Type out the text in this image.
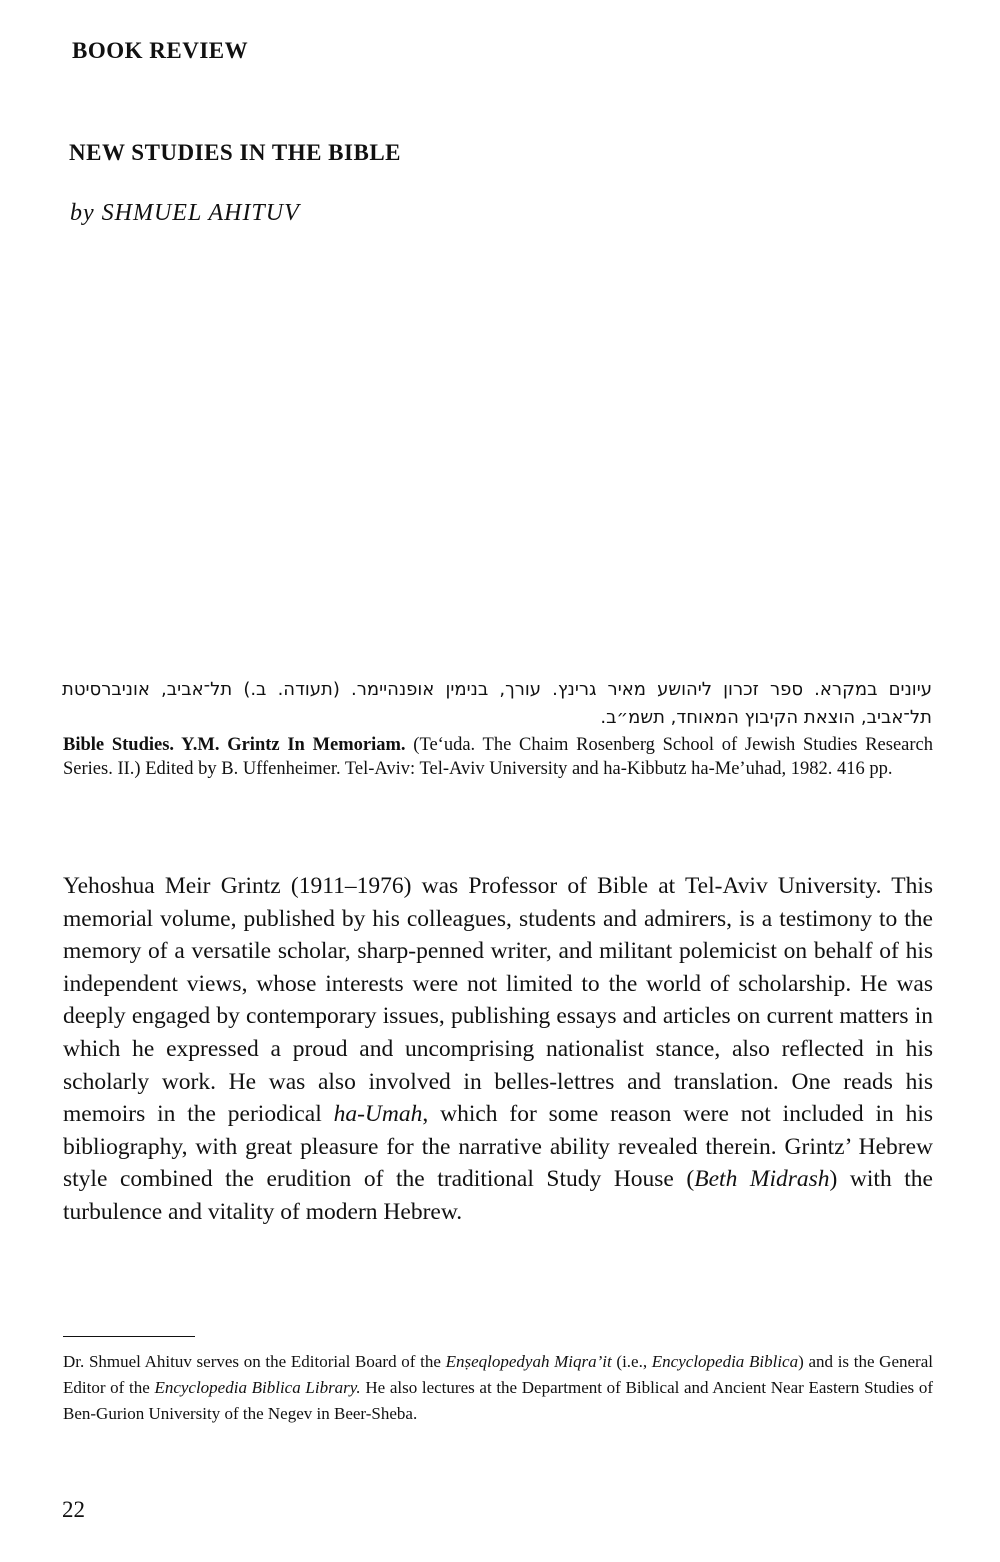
BOOK REVIEW
NEW STUDIES IN THE BIBLE
by SHMUEL AHITUV
עיונים במקרא. ספר זכרון ליהושע מאיר גרינץ. עורך, בנימין אופנהיימר. (תעודה. ב.) תל־אביב, אוניברסיטת
תל־אביב, הוצאת הקיבוץ המאוחד, תשמ״ב.
Bible Studies. Y.M. Grintz In Memoriam. (Te‘uda. The Chaim Rosenberg School of Jewish Studies Research Series. II.) Edited by B. Uffenheimer. Tel-Aviv: Tel-Aviv University and ha-Kibbutz ha-Me’uhad, 1982. 416 pp.
Yehoshua Meir Grintz (1911–1976) was Professor of Bible at Tel-Aviv University. This memorial volume, published by his colleagues, students and admirers, is a testimony to the memory of a versatile scholar, sharp-penned writer, and militant polemicist on behalf of his independent views, whose interests were not limited to the world of scholarship. He was deeply engaged by contemporary issues, publishing essays and articles on current matters in which he expressed a proud and uncomprising nationalist stance, also reflected in his scholarly work. He was also involved in belles-lettres and translation. One reads his memoirs in the periodical ha-Umah, which for some reason were not included in his bibliography, with great pleasure for the narrative ability revealed therein. Grintz’ Hebrew style combined the erudition of the traditional Study House (Beth Midrash) with the turbulence and vitality of modern Hebrew.
Dr. Shmuel Ahituv serves on the Editorial Board of the Enṣeqlopedyah Miqra’it (i.e., Encyclopedia Biblica) and is the General Editor of the Encyclopedia Biblica Library. He also lectures at the Department of Biblical and Ancient Near Eastern Studies of Ben-Gurion University of the Negev in Beer-Sheba.
22
